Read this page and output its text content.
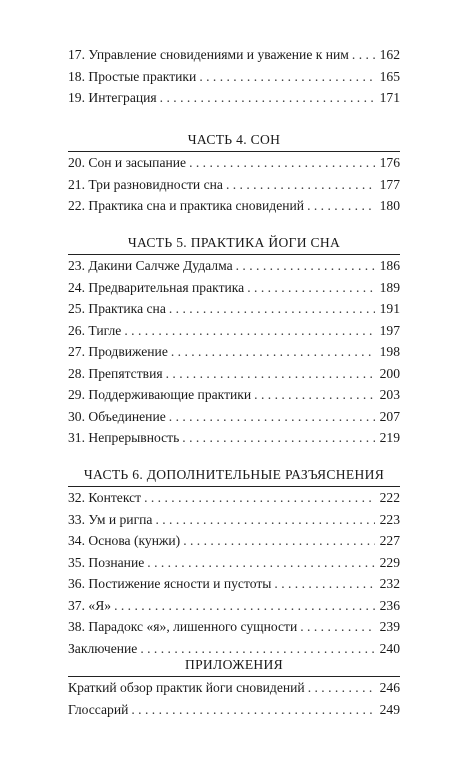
17. Управление сновидениями и уважение к ним . . . 162
18. Простые практики . . .	165
19. Интеграция . . .	171
ЧАСТЬ 4. СОН
20. Сон и засыпание . . .	176
21. Три разновидности сна . . .	177
22. Практика сна и практика сновидений . . .	180
ЧАСТЬ 5. ПРАКТИКА ЙОГИ СНА
23. Дакини Салчже Дудалма . . .	186
24. Предварительная практика . . .	189
25. Практика сна . . .	191
26. Тигле . . .	197
27. Продвижение . . .	198
28. Препятствия . . .	200
29. Поддерживающие практики . . .	203
30. Объединение . . .	207
31. Непрерывность . . .	219
ЧАСТЬ 6. ДОПОЛНИТЕЛЬНЫЕ РАЗЪЯСНЕНИЯ
32. Контекст . . .	222
33. Ум и ригпа . . .	223
34. Основа (кунжи) . . .	227
35. Познание . . .	229
36. Постижение ясности и пустоты . . .	232
37. «Я» . . .	236
38. Парадокс «я», лишенного сущности . . .	239
Заключение . . .	240
ПРИЛОЖЕНИЯ
Краткий обзор практик йоги сновидений . . .	246
Глоссарий . . .	249
